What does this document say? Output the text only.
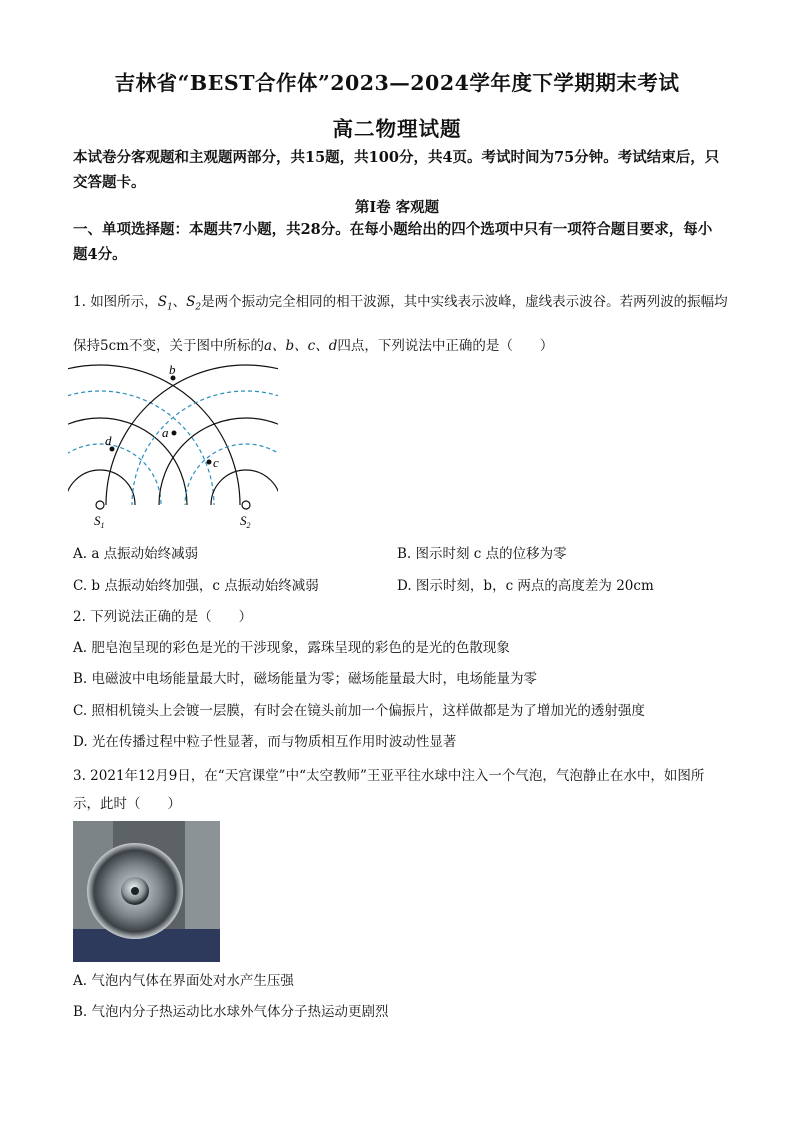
吉林省“BEST合作体”2023—2024学年度下学期期末考试
高二物理试题
本试卷分客观题和主观题两部分，共15题，共100分，共4页。考试时间为75分钟。考试结束后，只交答题卡。
第Ⅰ卷 客观题
一、单项选择题：本题共7小题，共28分。在每小题给出的四个选项中只有一项符合题目要求，每小题4分。
1. 如图所示，$S_1$、$S_2$是两个振动完全相同的相干波源，其中实线表示波峰，虚线表示波谷。若两列波的振幅均保持5cm不变，关于图中所标的a、b、c、d四点，下列说法中正确的是（　　）
b
a
d
c
$S_1$	$S_2$
A. a 点振动始终减弱	B. 图示时刻 c 点的位移为零
C. b 点振动始终加强，c 点振动始终减弱	D. 图示时刻，b，c 两点的高度差为 20cm
2. 下列说法正确的是（　　）
A. 肥皂泡呈现的彩色是光的干涉现象，露珠呈现的彩色的是光的色散现象
B. 电磁波中电场能量最大时，磁场能量为零；磁场能量最大时，电场能量为零
C. 照相机镜头上会镀一层膜，有时会在镜头前加一个偏振片，这样做都是为了增加光的透射强度
D. 光在传播过程中粒子性显著，而与物质相互作用时波动性显著
3. 2021年12月9日，在“天宫课堂”中“太空教师”王亚平往水球中注入一个气泡，气泡静止在水中，如图所示，此时（　　）
A. 气泡内气体在界面处对水产生压强
B. 气泡内分子热运动比水球外气体分子热运动更剧烈
